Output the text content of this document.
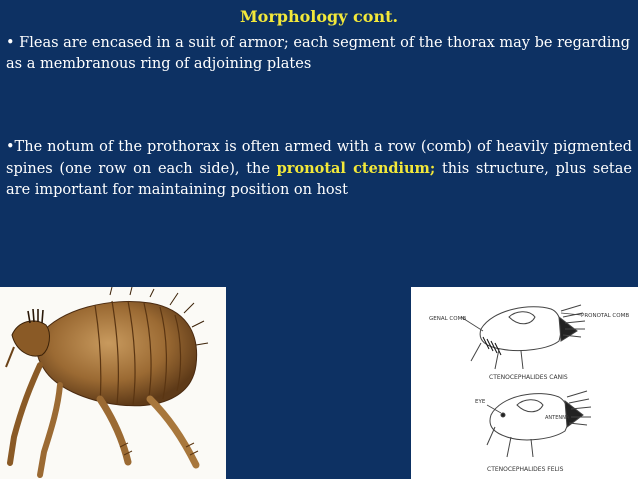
Morphology cont.
• Fleas are encased in a suit of armor; each segment of the thorax may be regarding as a membranous ring of adjoining plates
•The notum of the prothorax is often armed with a row (comb) of heavily pigmented spines (one row on each side), the pronotal ctendium; this structure, plus setae are important for maintaining position on host
GENAL COMB	PRONOTAL COMB
CTENOCEPHALIDES CANIS
EYE
ANTENNA
CTENOCEPHALIDES FELIS
